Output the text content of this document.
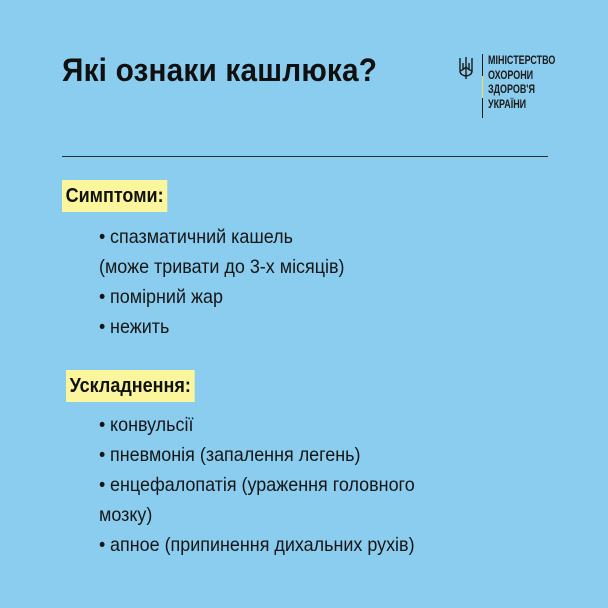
Які ознаки кашлюка?	МІНІСТЕРСТВО
ОХОРОНИ
ЗДОРОВ'Я
УКРАЇНИ
Симптоми:
• спазматичний кашель
(може тривати до 3-х місяців)
• помірний жар
• нежить
Ускладнення:
• конвульсії
• пневмонія (запалення легень)
• енцефалопатія (ураження головного
мозку)
• апное (припинення дихальних рухів)
